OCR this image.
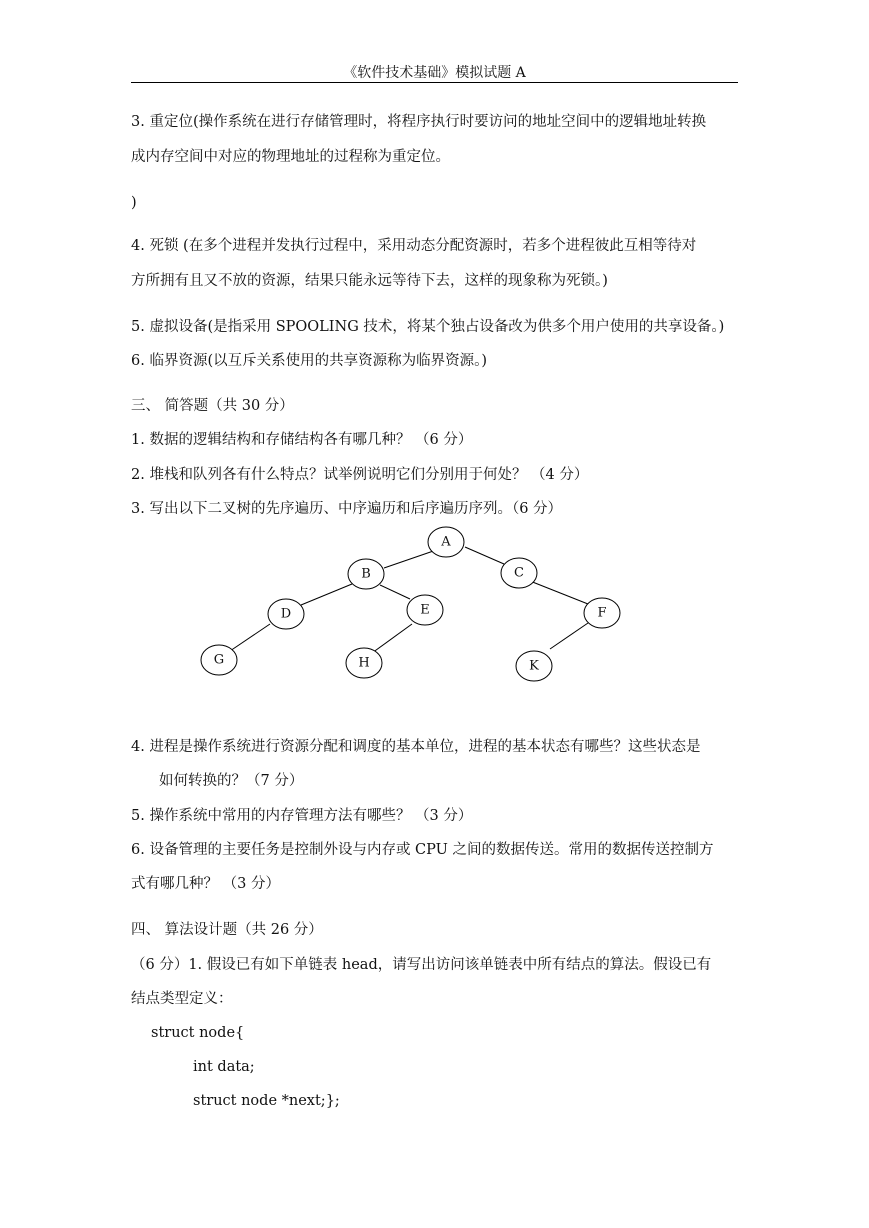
《软件技术基础》模拟试题 A
3. 重定位(操作系统在进行存储管理时，将程序执行时要访问的地址空间中的逻辑地址转换
成内存空间中对应的物理地址的过程称为重定位。
)
4. 死锁 (在多个进程并发执行过程中，采用动态分配资源时，若多个进程彼此互相等待对
方所拥有且又不放的资源，结果只能永远等待下去，这样的现象称为死锁。)
5. 虚拟设备(是指采用 SPOOLING 技术，将某个独占设备改为供多个用户使用的共享设备。)
6. 临界资源(以互斥关系使用的共享资源称为临界资源。)
三、 简答题（共 30 分）
1. 数据的逻辑结构和存储结构各有哪几种？ （6 分）
2. 堆栈和队列各有什么特点？试举例说明它们分别用于何处？ （4 分）
3. 写出以下二叉树的先序遍历、中序遍历和后序遍历序列。（6 分）
A
B	C
D	E	F
G	H	K
4. 进程是操作系统进行资源分配和调度的基本单位，进程的基本状态有哪些？这些状态是
如何转换的？（7 分）
5. 操作系统中常用的内存管理方法有哪些？ （3 分）
6. 设备管理的主要任务是控制外设与内存或 CPU 之间的数据传送。常用的数据传送控制方
式有哪几种？ （3 分）
四、 算法设计题（共 26 分）
（6 分）1. 假设已有如下单链表 head，请写出访问该单链表中所有结点的算法。假设已有
结点类型定义：
struct node{
int data;
struct node *next;};
